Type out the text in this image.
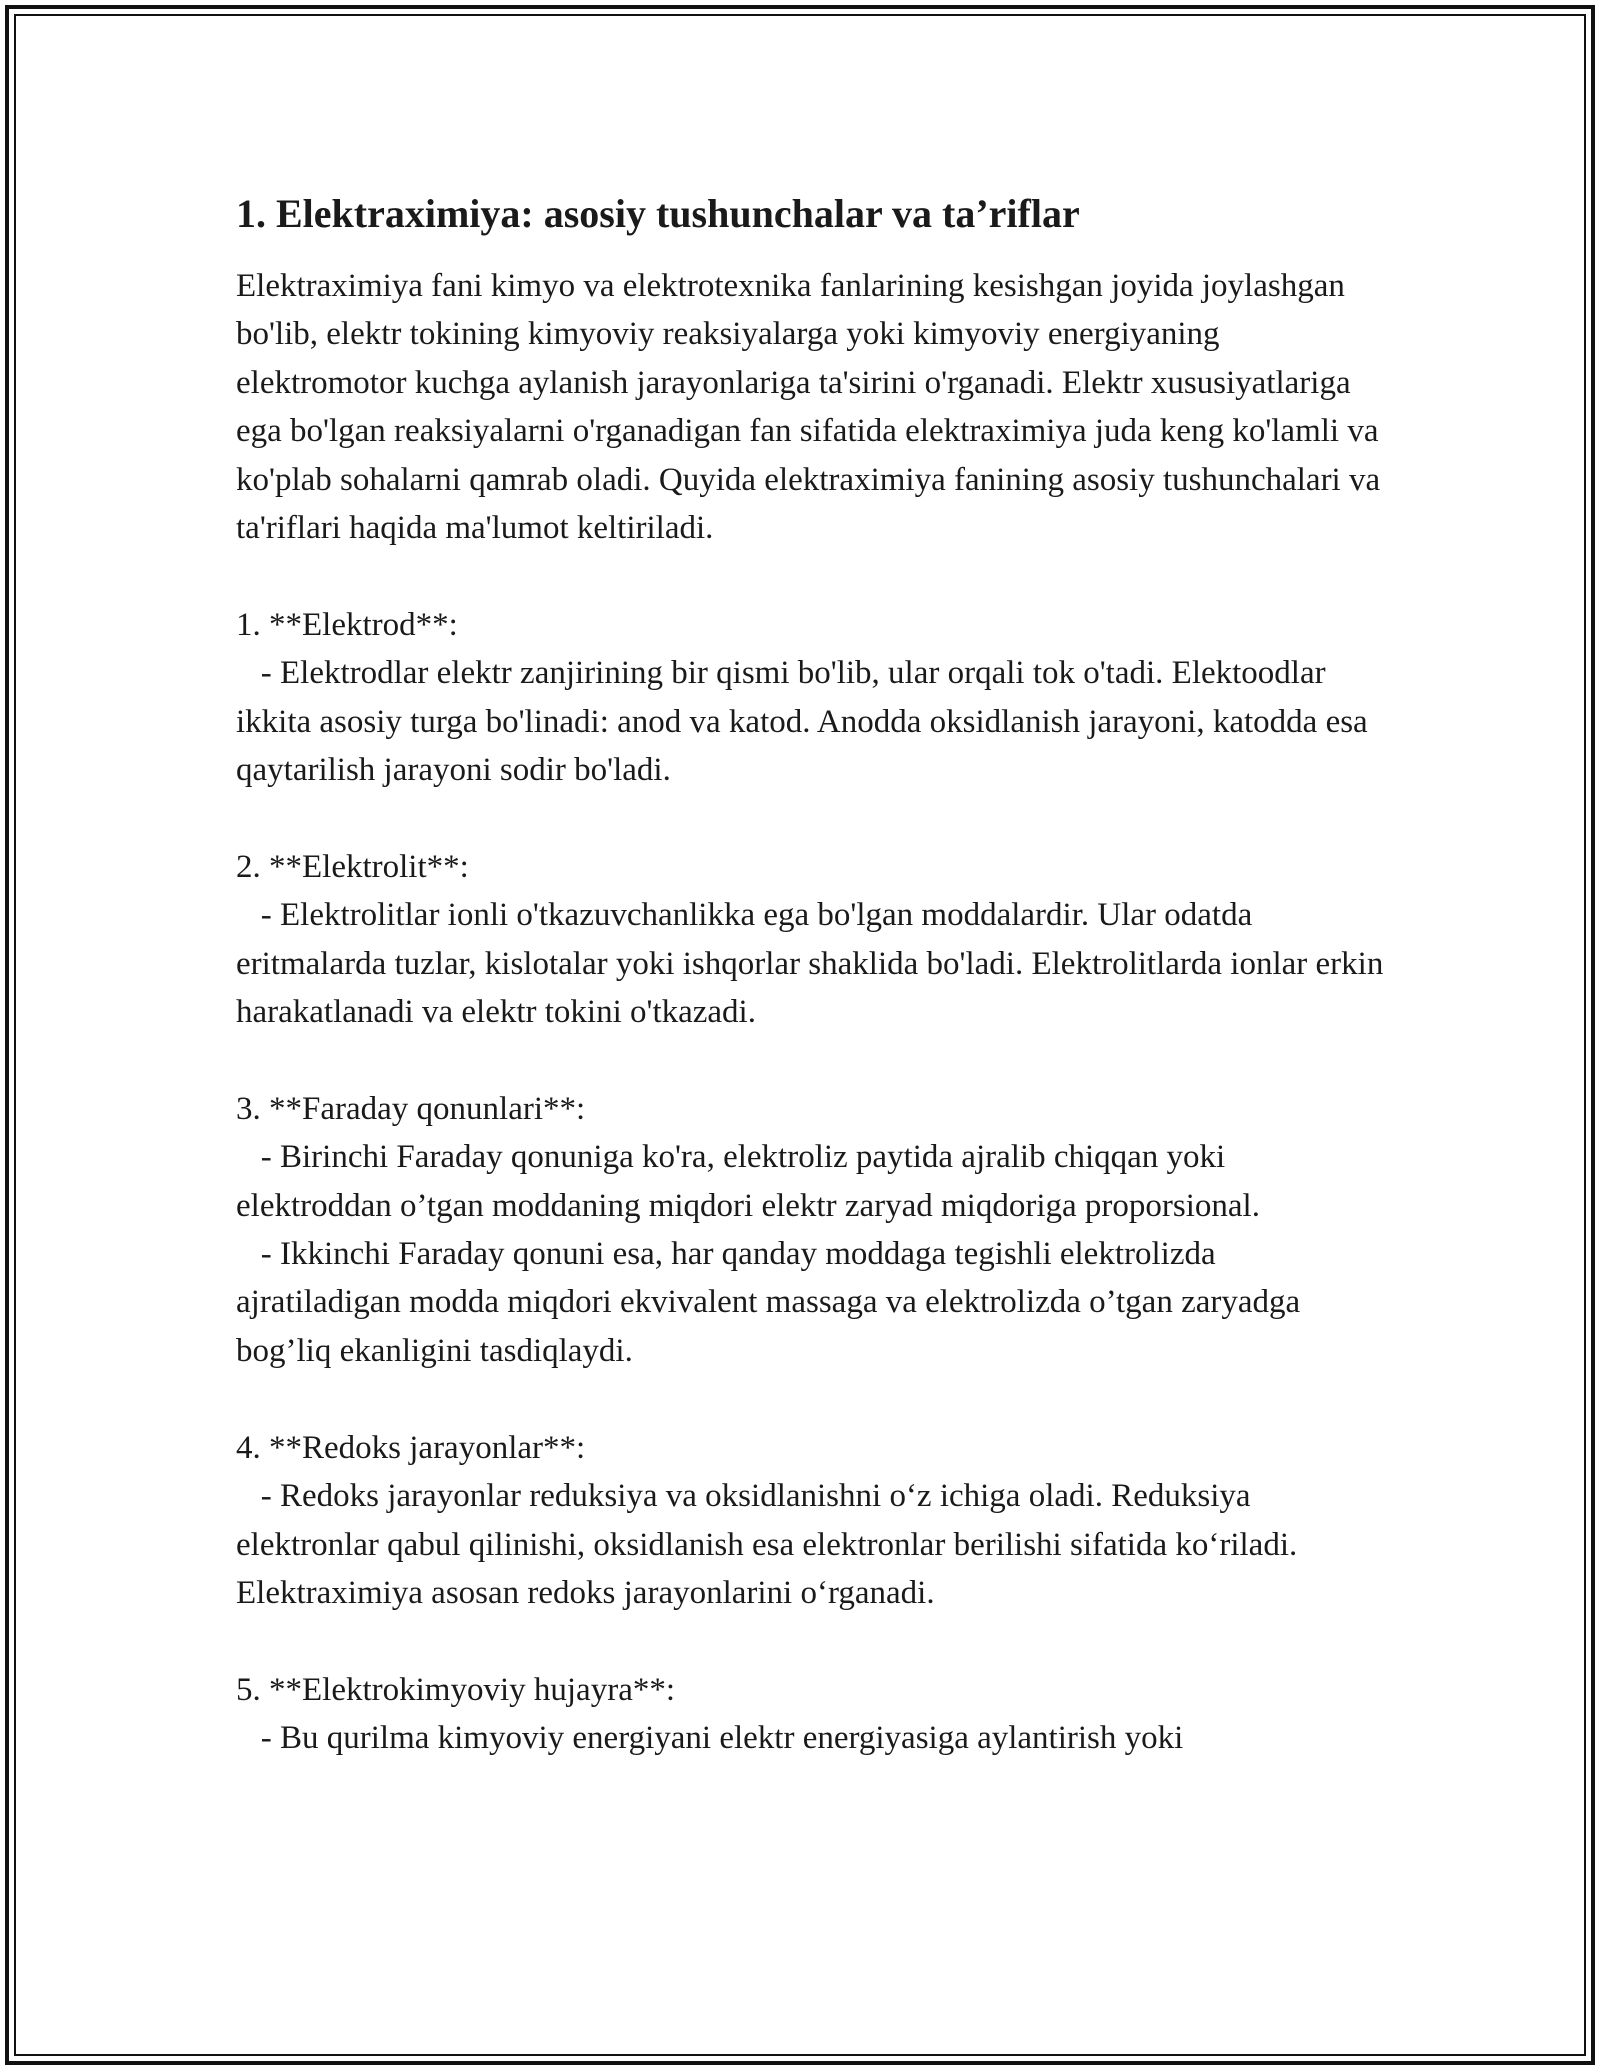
1. Elektraximiya: asosiy tushunchalar va ta’riflar

Elektraximiya fani kimyo va elektrotexnika fanlarining kesishgan joyida joylashgan bo'lib, elektr tokining kimyoviy reaksiyalarga yoki kimyoviy energiyaning elektromotor kuchga aylanish jarayonlariga ta'sirini o'rganadi. Elektr xususiyatlariga ega bo'lgan reaksiyalarni o'rganadigan fan sifatida elektraximiya juda keng ko'lamli va ko'plab sohalarni qamrab oladi. Quyida elektraximiya fanining asosiy tushunchalari va ta'riflari haqida ma'lumot keltiriladi.

1. **Elektrod**:
- Elektrodlar elektr zanjirining bir qismi bo'lib, ular orqali tok o'tadi. Elektoodlar ikkita asosiy turga bo'linadi: anod va katod. Anodda oksidlanish jarayoni, katodda esa qaytarilish jarayoni sodir bo'ladi.
2. **Elektrolit**:
- Elektrolitlar ionli o'tkazuvchanlikka ega bo'lgan moddalardir. Ular odatda eritmalarda tuzlar, kislotalar yoki ishqorlar shaklida bo'ladi. Elektrolitlarda ionlar erkin harakatlanadi va elektr tokini o'tkazadi.
3. **Faraday qonunlari**:
- Birinchi Faraday qonuniga ko'ra, elektroliz paytida ajralib chiqqan yoki elektroddan o’tgan moddaning miqdori elektr zaryad miqdoriga proporsional.
- Ikkinchi Faraday qonuni esa, har qanday moddaga tegishli elektrolizda ajratiladigan modda miqdori ekvivalent massaga va elektrolizda o’tgan zaryadga bog’liq ekanligini tasdiqlaydi.
4. **Redoks jarayonlar**:
- Redoks jarayonlar reduksiya va oksidlanishni o‘z ichiga oladi. Reduksiya elektronlar qabul qilinishi, oksidlanish esa elektronlar berilishi sifatida ko‘riladi. Elektraximiya asosan redoks jarayonlarini o‘rganadi.
5. **Elektrokimyoviy hujayra**:
- Bu qurilma kimyoviy energiyani elektr energiyasiga aylantirish yoki
